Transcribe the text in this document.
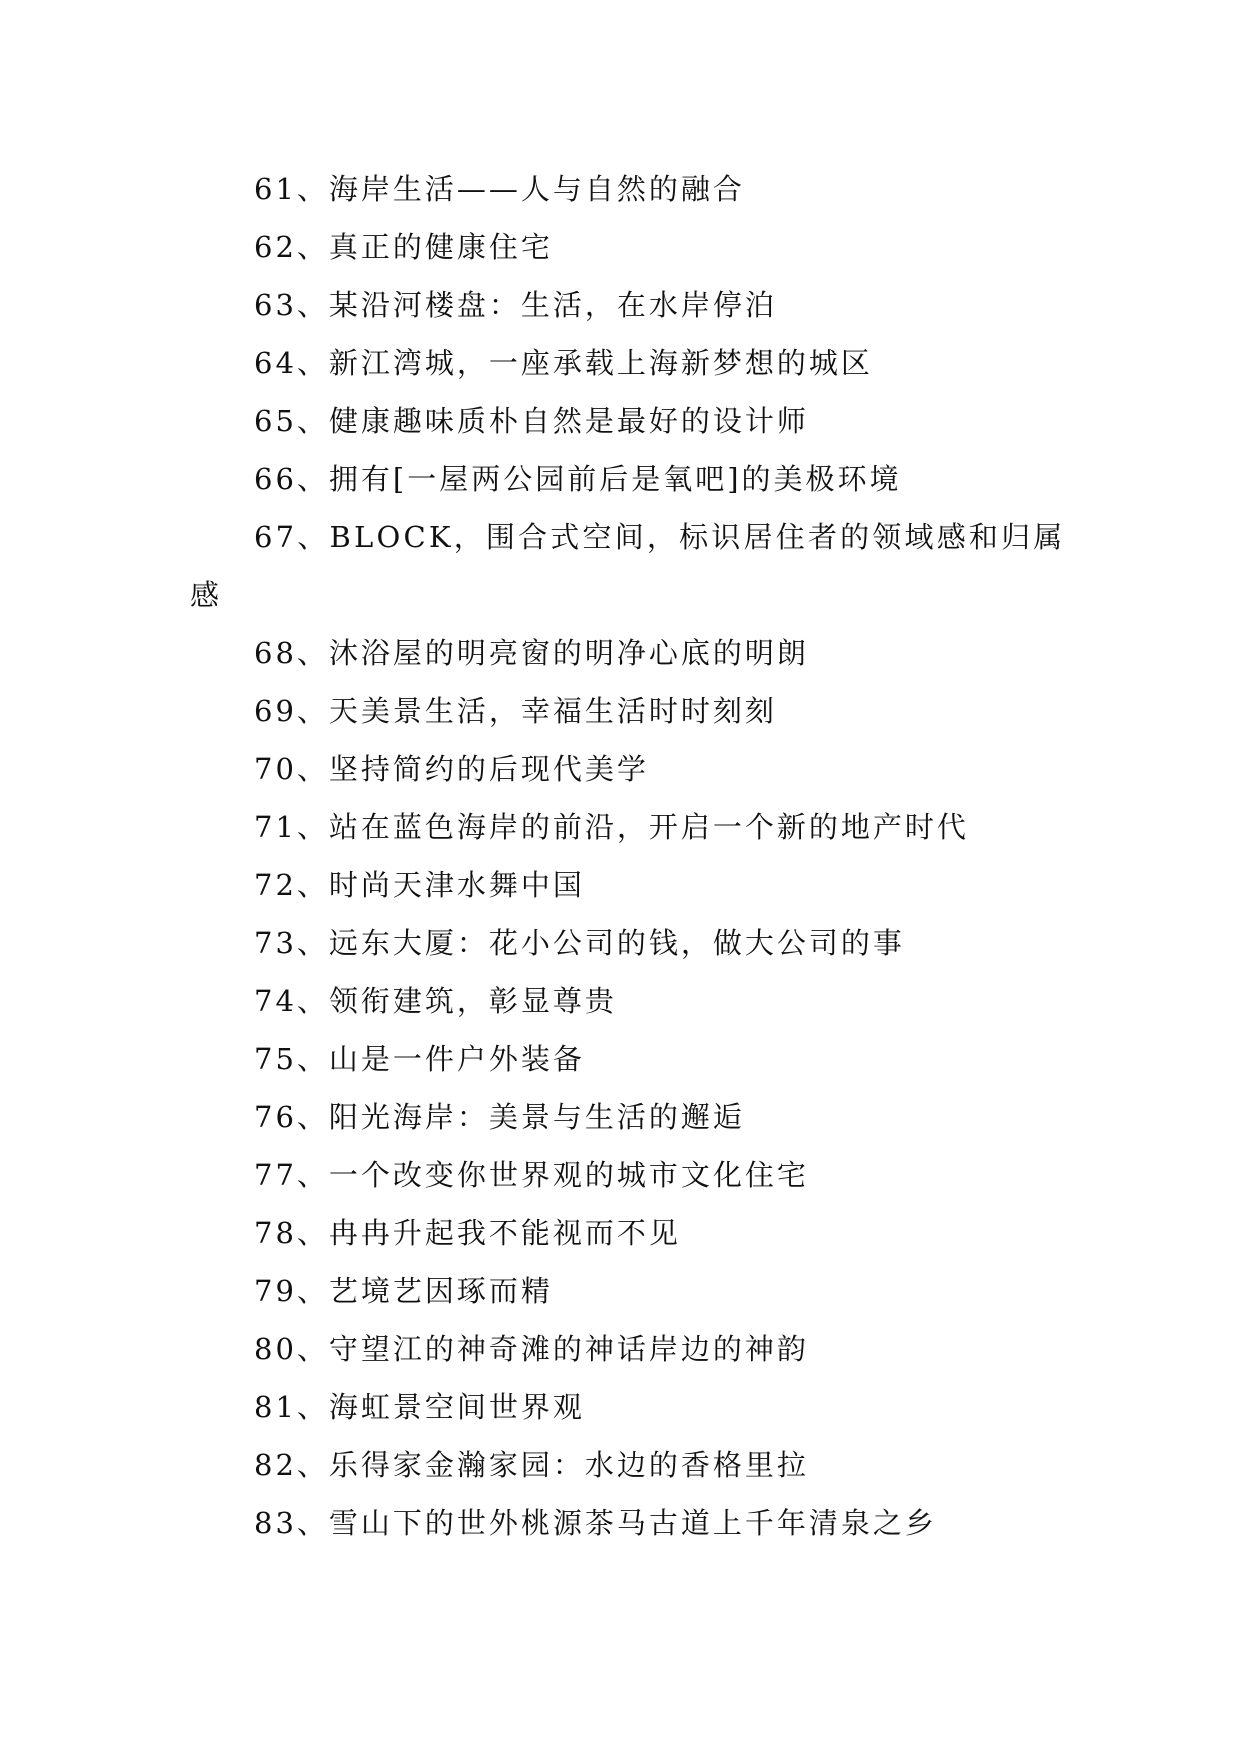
61、海岸生活——人与自然的融合
62、真正的健康住宅
63、某沿河楼盘：生活，在水岸停泊
64、新江湾城，一座承载上海新梦想的城区
65、健康趣味质朴自然是最好的设计师
66、拥有[一屋两公园前后是氧吧]的美极环境
67、BLOCK，围合式空间，标识居住者的领域感和归属
感
68、沐浴屋的明亮窗的明净心底的明朗
69、天美景生活，幸福生活时时刻刻
70、坚持简约的后现代美学
71、站在蓝色海岸的前沿，开启一个新的地产时代
72、时尚天津水舞中国
73、远东大厦：花小公司的钱，做大公司的事
74、领衔建筑，彰显尊贵
75、山是一件户外装备
76、阳光海岸：美景与生活的邂逅
77、一个改变你世界观的城市文化住宅
78、冉冉升起我不能视而不见
79、艺境艺因琢而精
80、守望江的神奇滩的神话岸边的神韵
81、海虹景空间世界观
82、乐得家金瀚家园：水边的香格里拉
83、雪山下的世外桃源茶马古道上千年清泉之乡
